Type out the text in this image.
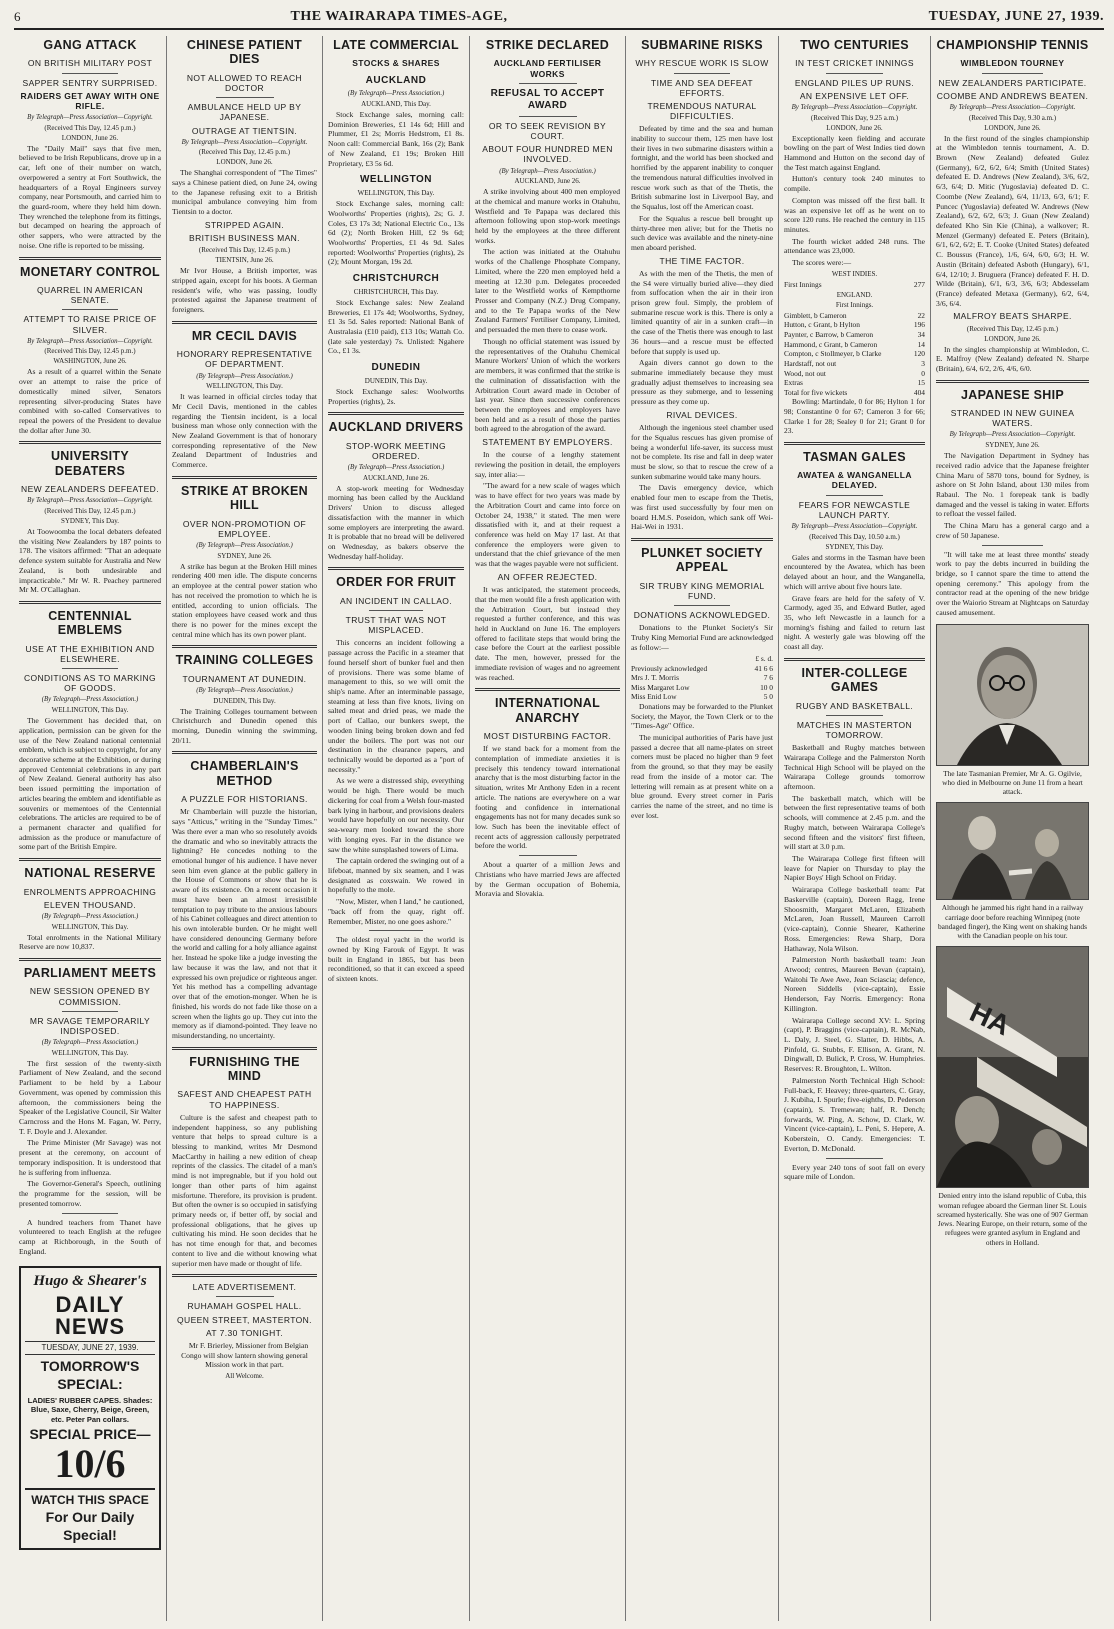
6	THE WAIRARAPA TIMES-AGE,	TUESDAY, JUNE 27, 1939.
GANG ATTACK
ON BRITISH MILITARY POST
SAPPER SENTRY SURPRISED.
RAIDERS GET AWAY WITH ONE RIFLE.
By Telegraph—Press Association—Copyright.
(Received This Day, 12.45 p.m.)
LONDON, June 26.

The "Daily Mail" says that five men, believed to be Irish Republicans, drove up in a car, left one of their number on watch, overpowered a sentry at Fort Southwick, the headquarters of a Royal Engineers survey company, near Portsmouth, and carried him to the guard-room, where they held him down. They wrenched the telephone from its fittings, but decamped on hearing the approach of other sappers, who were attracted by the noise. One rifle is reported to be missing.

MONETARY CONTROL
QUARREL IN AMERICAN SENATE.
ATTEMPT TO RAISE PRICE OF SILVER.
By Telegraph—Press Association—Copyright.
(Received This Day, 12.45 p.m.)
WASHINGTON, June 26.

As a result of a quarrel within the Senate over an attempt to raise the price of domestically mined silver, Senators representing silver-producing States have combined with so-called Conservatives to repeal the powers of the President to devalue the dollar after June 30.

UNIVERSITY DEBATERS
NEW ZEALANDERS DEFEATED.
By Telegraph—Press Association—Copyright.
(Received This Day, 12.45 p.m.)
SYDNEY, This Day.

At Toowoomba the local debaters defeated the visiting New Zealanders by 187 points to 178. The visitors affirmed: "That an adequate defence system suitable for Australia and New Zealand, is both undesirable and impracticable." Mr W. R. Peachey partnered Mr M. O'Callaghan.

CENTENNIAL EMBLEMS
USE AT THE EXHIBITION AND ELSEWHERE.
CONDITIONS AS TO MARKING OF GOODS.
(By Telegraph—Press Association.)
WELLINGTON, This Day.

The Government has decided that, on application, permission can be given for the use of the New Zealand national centennial emblem, which is subject to copyright, for any decorative scheme at the Exhibition, or during approved Centennial celebrations in any part of New Zealand. General authority has also been issued permitting the importation of articles bearing the emblem and identifiable as souvenirs or mementoes of the Centennial celebrations. The articles are required to be of a permanent character and qualified for admission as the produce or manufacture of some part of the British Empire.

NATIONAL RESERVE
ENROLMENTS APPROACHING
ELEVEN THOUSAND.
(By Telegraph—Press Association.)
WELLINGTON, This Day.

Total enrolments in the National Military Reserve are now 10,837.

PARLIAMENT MEETS
NEW SESSION OPENED BY COMMISSION.
MR SAVAGE TEMPORARILY INDISPOSED.
(By Telegraph—Press Association.)
WELLINGTON, This Day.

The first session of the twenty-sixth Parliament of New Zealand, and the second Parliament to be held by a Labour Government, was opened by commission this afternoon, the commissioners being the Speaker of the Legislative Council, Sir Walter Carncross and the Hons M. Fagan, W. Perry, T. F. Doyle and J. Alexander.

The Prime Minister (Mr Savage) was not present at the ceremony, on account of temporary indisposition. It is understood that he is suffering from influenza.

The Governor-General's Speech, outlining the programme for the session, will be presented tomorrow.

A hundred teachers from Thanet have volunteered to teach English at the refugee camp at Richborough, in the South of England.

Hugo & Shearer's
DAILY NEWS
TUESDAY, JUNE 27, 1939.
TOMORROW'S SPECIAL:
LADIES' RUBBER CAPES. Shades: Blue, Saxe, Cherry, Beige, Green, etc. Peter Pan collars.
SPECIAL PRICE—
10/6
WATCH THIS SPACE
For Our Daily Special!
CHINESE PATIENT DIES
NOT ALLOWED TO REACH DOCTOR
AMBULANCE HELD UP BY JAPANESE.
OUTRAGE AT TIENTSIN.
By Telegraph—Press Association—Copyright.
(Received This Day, 12.45 p.m.)
LONDON, June 26.

The Shanghai correspondent of "The Times" says a Chinese patient died, on June 24, owing to the Japanese refusing exit to a British municipal ambulance conveying him from Tientsin to a doctor.

STRIPPED AGAIN.
BRITISH BUSINESS MAN.
(Received This Day, 12.45 p.m.)
TIENTSIN, June 26.

Mr Ivor House, a British importer, was stripped again, except for his boots. A German resident's wife, who was passing, loudly protested against the Japanese treatment of foreigners.

MR CECIL DAVIS
HONORARY REPRESENTATIVE OF DEPARTMENT.
(By Telegraph—Press Association.)
WELLINGTON, This Day.

It was learned in official circles today that Mr Cecil Davis, mentioned in the cables regarding the Tientsin incident, is a local business man whose only connection with the New Zealand Government is that of honorary corresponding representative of the New Zealand Department of Industries and Commerce.

STRIKE AT BROKEN HILL
OVER NON-PROMOTION OF EMPLOYEE.
(By Telegraph—Press Association.)
SYDNEY, June 26.

A strike has begun at the Broken Hill mines rendering 400 men idle. The dispute concerns an employee at the central power station who has not received the promotion to which he is entitled, according to union officials. The station employees have ceased work and thus there is no power for the mines except the central mine which has its own power plant.

TRAINING COLLEGES
TOURNAMENT AT DUNEDIN.
(By Telegraph—Press Association.)
DUNEDIN, This Day.

The Training Colleges tournament between Christchurch and Dunedin opened this morning, Dunedin winning the swimming, 20/11.

CHAMBERLAIN'S METHOD
A PUZZLE FOR HISTORIANS.

Mr Chamberlain will puzzle the historian, says "Atticus," writing in the "Sunday Times." Was there ever a man who so resolutely avoids the dramatic and who so inevitably attracts the lightning? He concedes nothing to the emotional hunger of his audience. I have never seen him even glance at the public gallery in the House of Commons or show that he is aware of its existence. On a recent occasion it must have been an almost irresistible temptation to pay tribute to the anxious labours of his Cabinet colleagues and direct attention to his own intolerable burden. Or he might well have considered denouncing Germany before the world and calling for a holy alliance against her. Instead he spoke like a judge investing the law because it was the law, and not that it expressed his own prejudice or righteous anger. Yet his method has a compelling advantage over that of the emotion-monger. When he is finished, his words do not fade like those on a screen when the lights go up. They cut into the memory as if diamond-pointed. They leave no misunderstanding, no uncertainty.

FURNISHING THE MIND
SAFEST AND CHEAPEST PATH TO HAPPINESS.

Culture is the safest and cheapest path to independent happiness, so any publishing venture that helps to spread culture is a blessing to mankind, writes Mr Desmond MacCarthy in hailing a new edition of cheap reprints of the classics. The citadel of a man's mind is not impregnable, but if you hold out longer than other parts of him against misfortune. Therefore, its provision is prudent. But often the owner is so occupied in satisfying primary needs or, if better off, by social and professional obligations, that he gives up cultivating his mind. He soon decides that he has not time enough for that, and becomes content to live and die without knowing what superior men have made or thought of life.

LATE ADVERTISEMENT.
RUHAMAH GOSPEL HALL.
QUEEN STREET, MASTERTON.
AT 7.30 TONIGHT.

Mr F. Brierley, Missioner from Belgian Congo will show lantern showing general Mission work in that part.

All Welcome.
LATE COMMERCIAL
STOCKS & SHARES
AUCKLAND
(By Telegraph—Press Association.)
AUCKLAND, This Day.

Stock Exchange sales, morning call: Dominion Breweries, £1 14s 6d; Hill and Plummer, £1 2s; Morris Hedstrom, £1 8s. Noon call: Commercial Bank, 16s (2); Bank of New Zealand, £1 19s; Broken Hill Proprietary, £3 5s 6d.

WELLINGTON
WELLINGTON, This Day.

Stock Exchange sales, morning call: Woolworths' Properties (rights), 2s; G. J. Coles, £3 17s 3d; National Electric Co., 13s 6d (2); North Broken Hill, £2 9s 6d; Woolworths' Properties, £1 4s 9d. Sales reported: Woolworths' Properties (rights), 2s (2); Mount Morgan, 19s 2d.

CHRISTCHURCH
CHRISTCHURCH, This Day.

Stock Exchange sales: New Zealand Breweries, £1 17s 4d; Woolworths, Sydney, £1 3s 5d. Sales reported: National Bank of Australasia (£10 paid), £13 10s; Wattah Co. (late sale yesterday) 7s. Unlisted: Ngahere Co., £1 3s.

DUNEDIN
DUNEDIN, This Day.

Stock Exchange sales: Woolworths Properties (rights), 2s.

AUCKLAND DRIVERS
STOP-WORK MEETING ORDERED.
(By Telegraph—Press Association.)
AUCKLAND, June 26.

A stop-work meeting for Wednesday morning has been called by the Auckland Drivers' Union to discuss alleged dissatisfaction with the manner in which some employers are interpreting the award. It is probable that no bread will be delivered on Wednesday, as bakers observe the Wednesday half-holiday.

ORDER FOR FRUIT
AN INCIDENT IN CALLAO.
TRUST THAT WAS NOT MISPLACED.

This concerns an incident following a passage across the Pacific in a steamer that found herself short of bunker fuel and then of provisions. There was some blame of management to this, so we will omit the ship's name. After an interminable passage, steaming at less than five knots, living on salted meat and dried peas, we made the port of Callao, our bunkers swept, the wooden lining being broken down and fed under the boilers. The port was not our destination in the clearance papers, and technically would be deported as a "port of necessity."

As we were a distressed ship, everything would be high. There would be much dickering for coal from a Welsh four-masted bark lying in harbour, and provisions dealers would have hopefully on our necessity. Our sea-weary men looked toward the shore with longing eyes. Far in the distance we saw the white sunsplashed towers of Lima.

The captain ordered the swinging out of a lifeboat, manned by six seamen, and I was designated as coxswain. We rowed in hopefully to the mole.

"Now, Mister, when I land," he cautioned, "back off from the quay, right off. Remember, Mister, no one goes ashore."

The oldest royal yacht in the world is owned by King Farouk of Egypt. It was built in England in 1865, but has been reconditioned, so that it can exceed a speed of sixteen knots.

STRIKE DECLARED
AUCKLAND FERTILISER WORKS
REFUSAL TO ACCEPT AWARD
OR TO SEEK REVISION BY COURT.
ABOUT FOUR HUNDRED MEN INVOLVED.
(By Telegraph—Press Association.)
AUCKLAND, June 26.

A strike involving about 400 men employed at the chemical and manure works in Otahuhu, Westfield and Te Papapa was declared this afternoon following upon stop-work meetings held by the employees at the three different works.

The action was initiated at the Otahuhu works of the Challenge Phosphate Company, Limited, where the 220 men employed held a meeting at 12.30 p.m. Delegates proceeded later to the Westfield works of Kempthorne Prosser and Company (N.Z.) Drug Company, and to the Te Papapa works of the New Zealand Farmers' Fertiliser Company, Limited, and persuaded the men there to cease work.

Though no official statement was issued by the representatives of the Otahuhu Chemical Manure Workers' Union of which the workers are members, it was confirmed that the strike is the culmination of dissatisfaction with the Arbitration Court award made in October of last year. Since then successive conferences between the employees and employers have been held and as a result of those the parties both agreed to the abrogation of the award.

STATEMENT BY EMPLOYERS.

In the course of a lengthy statement reviewing the position in detail, the employers say, inter alia:—

"The award for a new scale of wages which was to have effect for two years was made by the Arbitration Court and came into force on October 24, 1938," it stated. The men were dissatisfied with it, and at their request a conference was held on May 17 last. At that conference the employers were given to understand that the chief grievance of the men was that the wages payable were not sufficient.

AN OFFER REJECTED.

It was anticipated, the statement proceeds, that the men would file a fresh application with the Arbitration Court, but instead they requested a further conference, and this was held in Auckland on June 16. The employers offered to facilitate steps that would bring the case before the Court at the earliest possible date. The men, however, pressed for the immediate revision of wages and no agreement was reached.

INTERNATIONAL ANARCHY
MOST DISTURBING FACTOR.

If we stand back for a moment from the contemplation of immediate anxieties it is precisely this tendency toward international anarchy that is the most disturbing factor in the situation, writes Mr Anthony Eden in a recent article. The nations are everywhere on a war footing and confidence in international engagements has not for many decades sunk so low. Such has been the inevitable effect of recent acts of aggression callously perpetrated before the world.

About a quarter of a million Jews and Christians who have married Jews are affected by the German occupation of Bohemia, Moravia and Slovakia.

SUBMARINE RISKS
WHY RESCUE WORK IS SLOW
TIME AND SEA DEFEAT EFFORTS.
TREMENDOUS NATURAL DIFFICULTIES.

Defeated by time and the sea and human inability to succour them, 125 men have lost their lives in two submarine disasters within a fortnight, and the world has been shocked and horrified by the apparent inability to conquer the tremendous natural difficulties involved in rescue work such as that of the Thetis, the British submarine lost in Liverpool Bay, and the Squalus, lost off the American coast.

For the Squalus a rescue bell brought up thirty-three men alive; but for the Thetis no such device was available and the ninety-nine men aboard perished.

THE TIME FACTOR.

As with the men of the Thetis, the men of the S4 were virtually buried alive—they died from suffocation when the air in their iron prison grew foul. Simply, the problem of submarine rescue work is this. There is only a limited quantity of air in a sunken craft—in the case of the Thetis there was enough to last 36 hours—and a rescue must be effected before that supply is used up.

Again divers cannot go down to the submarine immediately because they must gradually adjust themselves to increasing sea pressure as they submerge, and to lessening pressure as they come up.

RIVAL DEVICES.

Although the ingenious steel chamber used for the Squalus rescues has given promise of being a wonderful life-saver, its success must not be complete. Its rise and fall in deep water must be slow, so that to rescue the crew of a sunken submarine would take many hours.

The Davis emergency device, which enabled four men to escape from the Thetis, was first used successfully by four men on board H.M.S. Poseidon, which sank off Wei-Hai-Wei in 1931.

PLUNKET SOCIETY APPEAL
SIR TRUBY KING MEMORIAL FUND.
DONATIONS ACKNOWLEDGED.

Donations to the Plunket Society's Sir Truby King Memorial Fund are acknowledged as follow:—

£ s. d.
Previously acknowledged	41 6 6
Mrs J. T. Morris	7 6
Miss Margaret Low	10 0
Miss Enid Low	5 0

Donations may be forwarded to the Plunket Society, the Mayor, the Town Clerk or to the "Times-Age" Office.

The municipal authorities of Paris have just passed a decree that all name-plates on street corners must be placed no higher than 9 feet from the ground, so that they may be easily read from the inside of a motor car. The lettering will remain as at present white on a blue ground. Every street corner in Paris carries the name of the street, and no time is ever lost.

TWO CENTURIES
IN TEST CRICKET INNINGS
ENGLAND PILES UP RUNS.
AN EXPENSIVE LET OFF.
By Telegraph—Press Association—Copyright.
(Received This Day, 9.25 a.m.)
LONDON, June 26.

Exceptionally keen fielding and accurate bowling on the part of West Indies tied down Hammond and Hutton on the second day of the Test match against England.

Hutton's century took 240 minutes to compile.

Compton was missed off the first ball. It was an expensive let off as he went on to score 120 runs. He reached the century in 115 minutes.

The fourth wicket added 248 runs. The attendance was 23,000.

The scores were:—

WEST INDIES.
First Innings	277
ENGLAND.
First Innings.
Gimblett, b Cameron	22
Hutton, c Grant, b Hylton	196
Paynter, c Barrow, b Cameron	34
Hammond, c Grant, b Cameron	14
Compton, c Stollmeyer, b Clarke	120
Hardstaff, not out	3
Wood, not out	0
Extras	15
Total for five wickets	404

Bowling: Martindale, 0 for 86; Hylton 1 for 98; Constantine 0 for 67; Cameron 3 for 66; Clarke 1 for 28; Sealey 0 for 21; Grant 0 for 23.

TASMAN GALES
AWATEA & WANGANELLA DELAYED.
FEARS FOR NEWCASTLE LAUNCH PARTY.
By Telegraph—Press Association—Copyright.
(Received This Day, 10.50 a.m.)
SYDNEY, This Day.

Gales and storms in the Tasman have been encountered by the Awatea, which has been delayed about an hour, and the Wanganella, which will arrive about five hours late.

Grave fears are held for the safety of V. Carmody, aged 35, and Edward Butler, aged 35, who left Newcastle in a launch for a morning's fishing and failed to return last night. A westerly gale was blowing off the coast all day.

INTER-COLLEGE GAMES
RUGBY AND BASKETBALL.
MATCHES IN MASTERTON TOMORROW.

Basketball and Rugby matches between Wairarapa College and the Palmerston North Technical High School will be played on the Wairarapa College grounds tomorrow afternoon.

The basketball match, which will be between the first representative teams of both schools, will commence at 2.45 p.m. and the Rugby match, between Wairarapa College's second fifteen and the visitors' first fifteen, will start at 3.0 p.m.

The Wairarapa College first fifteen will leave for Napier on Thursday to play the Napier Boys' High School on Friday.

Wairarapa College basketball team: Pat Baskerville (captain), Doreen Ragg, Irene Shoosmith, Margaret McLaren, Elizabeth McLaren, Joan Russell, Maureen Carroll (vice-captain), Connie Shearer, Katherine Ross. Emergencies: Rewa Sharp, Dora Hathaway, Nola Wilson.

Palmerston North basketball team: Jean Atwood; centres, Maureen Bevan (captain), Waitohi Te Awe Awe, Jean Sciascia; defence, Noreen Siddells (vice-captain), Essie Henderson, Fay Norris. Emergency: Rona Killington.

Wairarapa College second XV: L. Spring (capt), P. Braggins (vice-captain), R. McNab, L. Daly, J. Steel, G. Slatter, D. Hibbs, A. Pinfold, G. Stubbs, F. Ellison, A. Grant, N. Dingwall, D. Bulick, P. Cross, W. Humphries. Reserves: R. Broughton, L. Wilton.

Palmerston North Technical High School: Full-back, F. Heavey; three-quarters, C. Gray, J. Kubiha, I. Spurle; five-eighths, D. Pederson (captain), S. Tremewan; half, R. Dench; forwards, W. Ping, A. Schow, D. Clark, W. Vincent (vice-captain), L. Peni, S. Hepere, A. Koberstein, O. Candy. Emergencies: T. Everton, D. McDonald.

Every year 240 tons of soot fall on every square mile of London.

CHAMPIONSHIP TENNIS
WIMBLEDON TOURNEY
NEW ZEALANDERS PARTICIPATE.
COOMBE AND ANDREWS BEATEN.
By Telegraph—Press Association—Copyright.
(Received This Day, 9.30 a.m.)
LONDON, June 26.

In the first round of the singles championship at the Wimbledon tennis tournament, A. D. Brown (New Zealand) defeated Gulez (Germany), 6/2, 6/2, 6/4; Smith (United States) defeated E. D. Andrews (New Zealand), 3/6, 6/2, 6/3, 6/4; D. Mitic (Yugoslavia) defeated D. C. Coombe (New Zealand), 6/4, 11/13, 6/3, 6/1; F. Puncec (Yugoslavia) defeated W. Andrews (New Zealand), 6/2, 6/2, 6/3; J. Guan (New Zealand) defeated Kho Sin Kie (China), a walkover; R. Menzel (Germany) defeated E. Peters (Britain), 6/1, 6/2, 6/2; E. T. Cooke (United States) defeated C. Boussus (France), 1/6, 6/4, 6/0, 6/3; H. W. Austin (Britain) defeated Asboth (Hungary), 6/1, 6/4, 12/10; J. Bruguera (France) defeated F. H. D. Wilde (Britain), 6/1, 6/3, 3/6, 6/3; Abdesselam (France) defeated Metaxa (Germany), 6/2, 6/4, 3/6, 6/4.

MALFROY BEATS SHARPE.
(Received This Day, 12.45 p.m.)
LONDON, June 26.

In the singles championship at Wimbledon, C. E. Malfroy (New Zealand) defeated N. Sharpe (Britain), 6/4, 6/2, 2/6, 4/6, 6/0.

JAPANESE SHIP
STRANDED IN NEW GUINEA WATERS.
By Telegraph—Press Association—Copyright.
SYDNEY, June 26.

The Navigation Department in Sydney has received radio advice that the Japanese freighter China Maru of 5870 tons, bound for Sydney, is ashore on St John Island, about 130 miles from Rabaul. The No. 1 forepeak tank is badly damaged and the vessel is taking in water. Efforts to refloat the vessel failed.

The China Maru has a general cargo and a crew of 50 Japanese.

"It will take me at least three months' steady work to pay the debts incurred in building the bridge, so I cannot spare the time to attend the opening ceremony." This apology from the contractor read at the opening of the new bridge over the Waiorio Stream at Nightcaps on Saturday caused amusement.

The late Tasmanian Premier, Mr A. G. Ogilvie, who died in Melbourne on June 11 from a heart attack.
Although he jammed his right hand in a railway carriage door before reaching Winnipeg (note bandaged finger), the King went on shaking hands with the Canadian people on his tour.
HA
Denied entry into the island republic of Cuba, this woman refugee aboard the German liner St. Louis screamed hysterically. She was one of 907 German Jews. Nearing Europe, on their return, some of the refugees were granted asylum in England and others in Holland.
